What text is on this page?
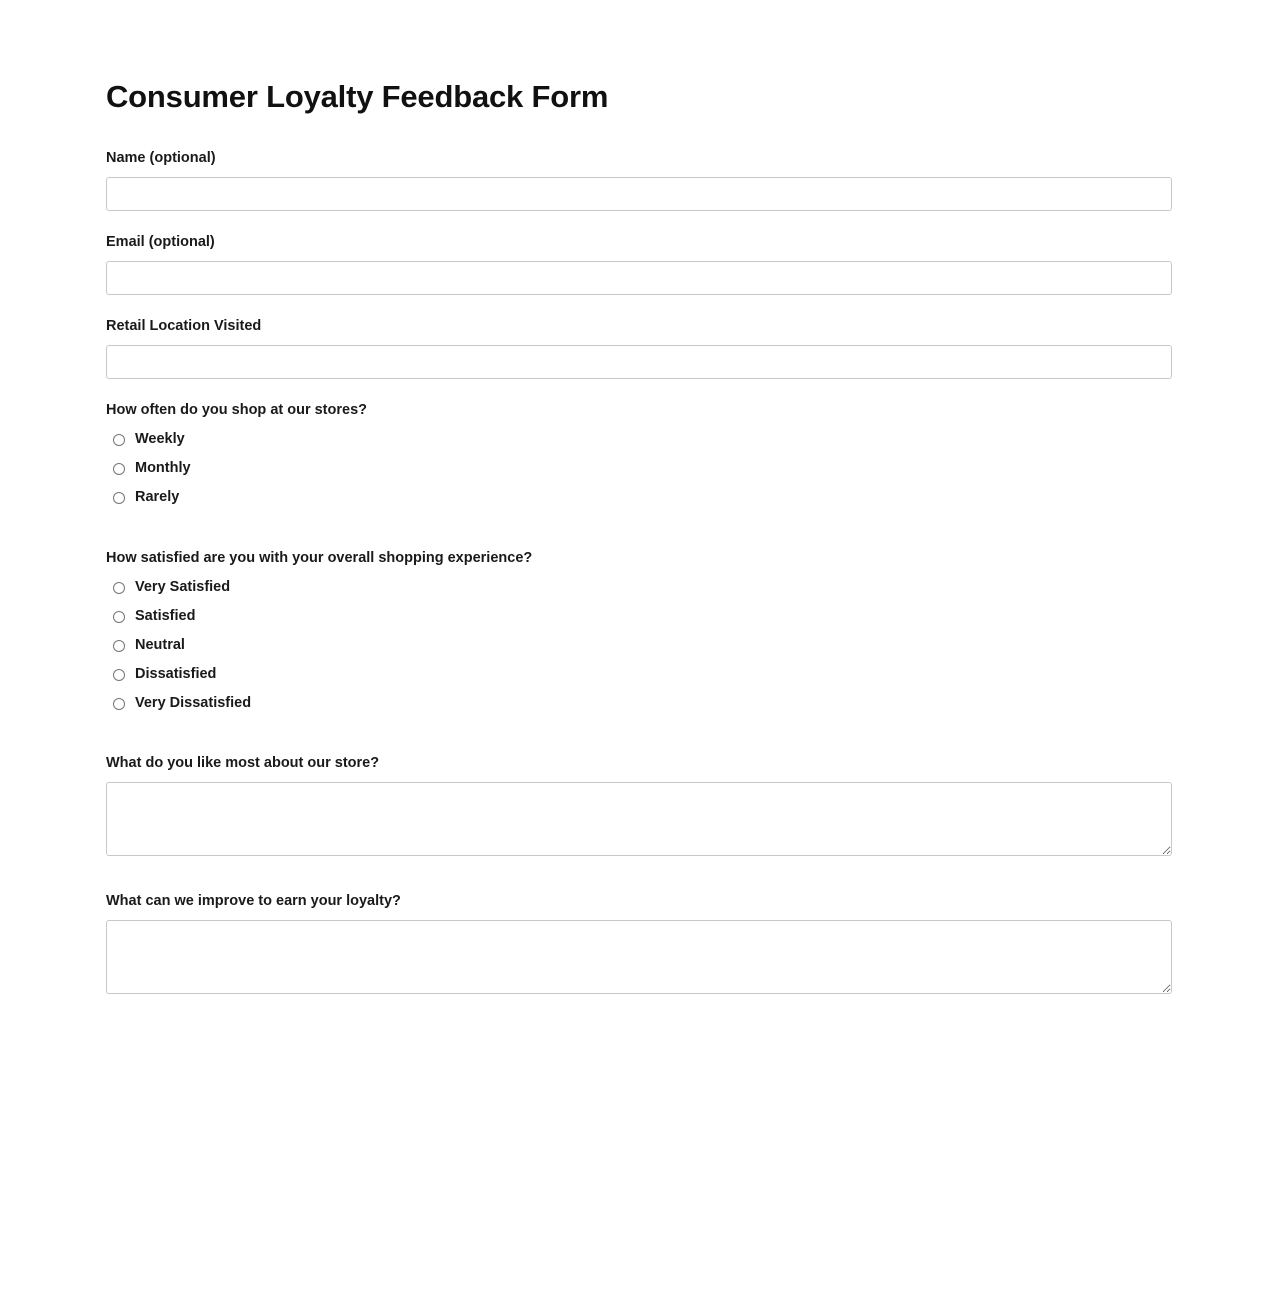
Consumer Loyalty Feedback Form
Name (optional)
Email (optional)
Retail Location Visited
How often do you shop at our stores?
Weekly
Monthly
Rarely
How satisfied are you with your overall shopping experience?
Very Satisfied
Satisfied
Neutral
Dissatisfied
Very Dissatisfied
What do you like most about our store?
What can we improve to earn your loyalty?
